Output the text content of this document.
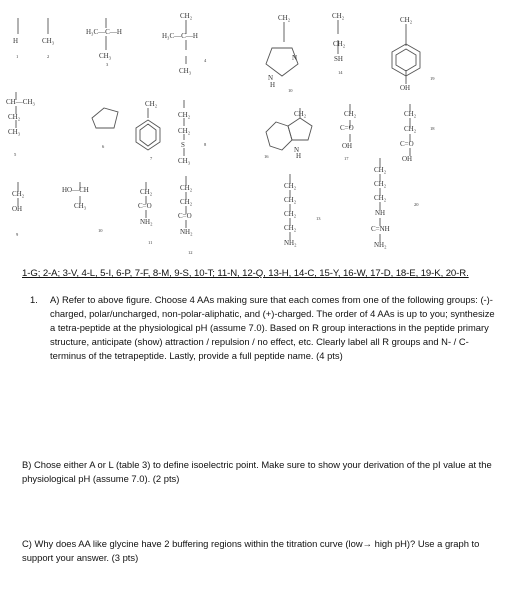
H	CH₃
H₃C—C—H
CH₃
CH₂
H₃C—C—H
CH₃
CH₂
N
N
H
CH₂
CH₂
SH
CH₂
OH
CH—CH₃
CH₂
CH₃
CH₂
CH₂
CH₂
S
CH₃
CH₂
N
H
CH₂
C=O
OH
CH₂
CH₂
C=O
OH
CH₂
OH
HO—CH
CH₃
CH₂
C=O
NH₂
CH₂
CH₂
C=O
NH₂
CH₂
CH₂
CH₂
CH₂
NH₂
CH₂
CH₂
CH₂
NH
C=NH
NH₂
1	2
3
4
10
14
19
5
6
7
8
16	17
18
9
10
11
12
13
20
1-G; 2-A; 3-V, 4-L, 5-I, 6-P, 7-F, 8-M, 9-S, 10-T; 11-N, 12-Q, 13-H, 14-C, 15-Y, 16-W, 17-D, 18-E, 19-K, 20-R.
1. A) Refer to above figure. Choose 4 AAs making sure that each comes from one of the following groups: (-)-charged, polar/uncharged, non-polar-aliphatic, and (+)-charged. The order of 4 AAs is up to you; synthesize a tetra-peptide at the physiological pH (assume 7.0). Based on R group interactions in the peptide primary structure, anticipate (show) attraction / repulsion / no effect, etc. Clearly label all R groups and N- / C-terminus of the tetrapeptide. Lastly, provide a full peptide name. (4 pts)
B) Chose either A or L (table 3) to define isoelectric point. Make sure to show your derivation of the pI value at the physiological pH (assume 7.0). (2 pts)
C) Why does AA like glycine have 2 buffering regions within the titration curve (low→ high pH)? Use a graph to support your answer. (3 pts)
